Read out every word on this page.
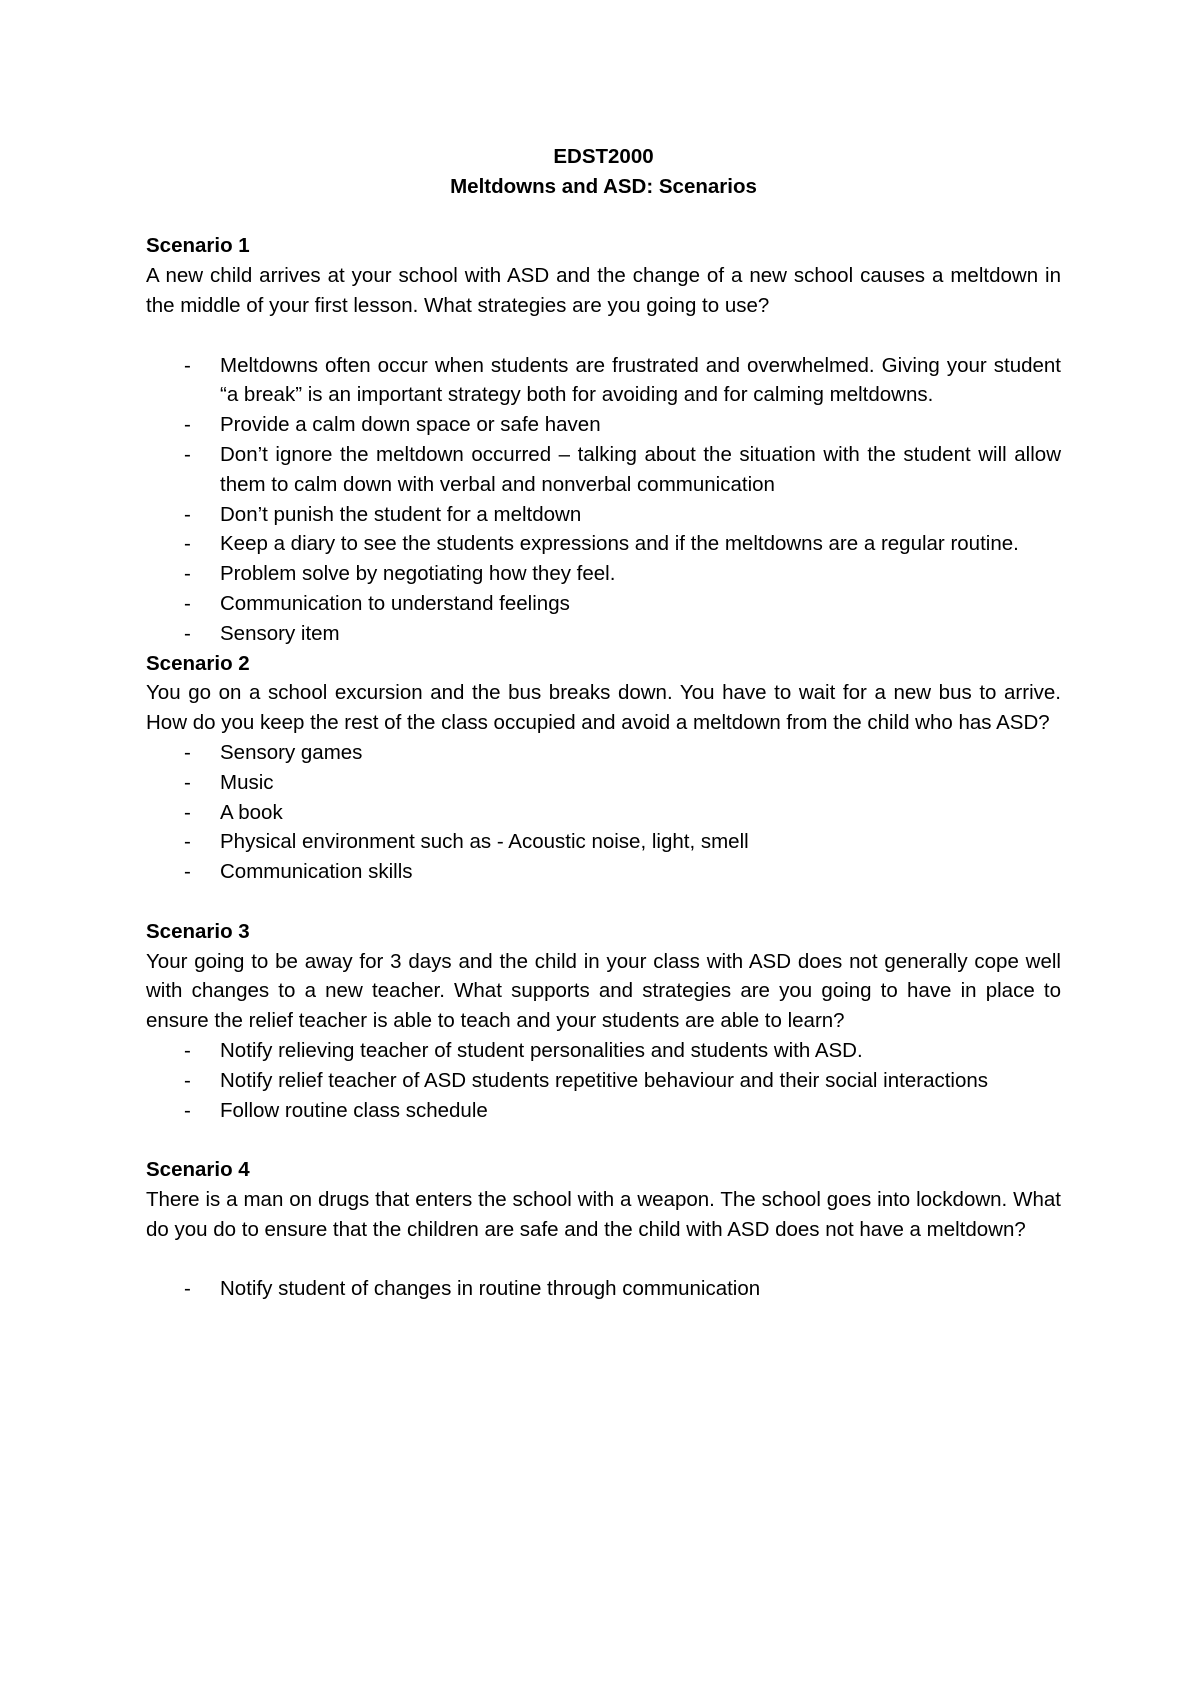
EDST2000
Meltdowns and ASD: Scenarios
Scenario 1
A new child arrives at your school with ASD and the change of a new school causes a meltdown in the middle of your first lesson. What strategies are you going to use?
- Meltdowns often occur when students are frustrated and overwhelmed. Giving your student “a break” is an important strategy both for avoiding and for calming meltdowns.
- Provide a calm down space or safe haven
- Don’t ignore the meltdown occurred – talking about the situation with the student will allow them to calm down with verbal and nonverbal communication
- Don’t punish the student for a meltdown
- Keep a diary to see the students expressions and if the meltdowns are a regular routine.
- Problem solve by negotiating how they feel.
- Communication to understand feelings
- Sensory item
Scenario 2
You go on a school excursion and the bus breaks down. You have to wait for a new bus to arrive. How do you keep the rest of the class occupied and avoid a meltdown from the child who has ASD?
- Sensory games
- Music
- A book
- Physical environment such as - Acoustic noise, light, smell
- Communication skills
Scenario 3
Your going to be away for 3 days and the child in your class with ASD does not generally cope well with changes to a new teacher. What supports and strategies are you going to have in place to ensure the relief teacher is able to teach and your students are able to learn?
- Notify relieving teacher of student personalities and students with ASD.
- Notify relief teacher of ASD students repetitive behaviour and their social interactions
- Follow routine class schedule
Scenario 4
There is a man on drugs that enters the school with a weapon. The school goes into lockdown. What do you do to ensure that the children are safe and the child with ASD does not have a meltdown?
- Notify student of changes in routine through communication
